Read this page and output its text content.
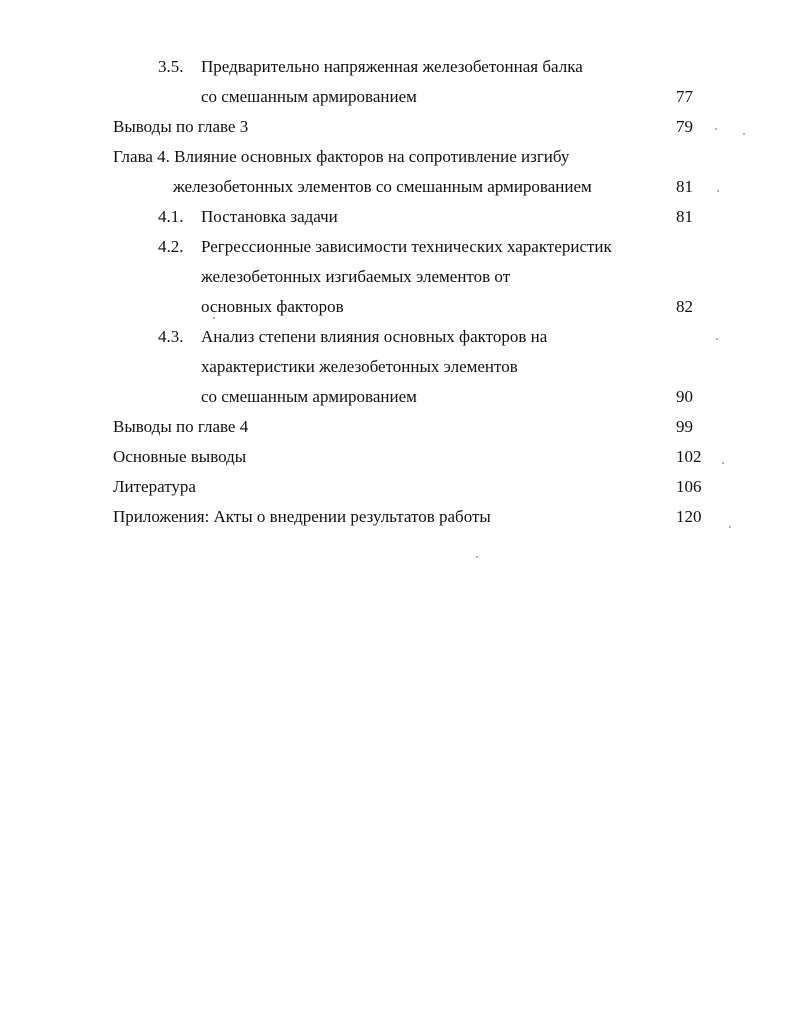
3.5. Предварительно напряженная железобетонная балка
со смешанным армированием	77
Выводы по главе 3	79
Глава 4. Влияние основных факторов на сопротивление изгибу
железобетонных элементов со смешанным армированием	81
4.1. Постановка задачи	81
4.2. Регрессионные зависимости технических характеристик
железобетонных изгибаемых элементов от
основных факторов	82
4.3. Анализ степени влияния основных факторов на
характеристики железобетонных элементов
со смешанным армированием	90
Выводы по главе 4	99
Основные выводы	102
Литература	106
Приложения: Акты о внедрении результатов работы	120
